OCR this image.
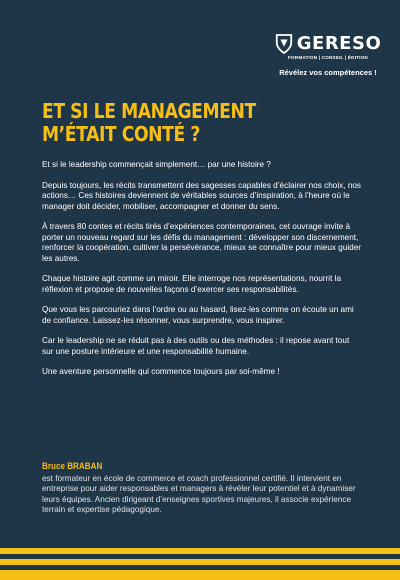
GERESO
FORMATION | CONSEIL | ÉDITION
Révélez vos compétences !
ET SI LE MANAGEMENT
M’ÉTAIT CONTÉ ?

Et si le leadership commençait simplement… par une histoire ?

Depuis toujours, les récits transmettent des sagesses capables d’éclairer nos choix, nos actions… Ces histoires deviennent de véritables sources d’inspiration, à l’heure où le manager doit décider, mobiliser, accompagner et donner du sens.

À travers 80 contes et récits tirés d’expériences contemporaines, cet ouvrage invite à porter un nouveau regard sur les défis du management : développer son discernement, renforcer la coopération, cultiver la persévérance, mieux se connaître pour mieux guider les autres.

Chaque histoire agit comme un miroir. Elle interroge nos représentations, nourrit la réflexion et propose de nouvelles façons d’exercer ses responsabilités.

Que vous les parcouriez dans l’ordre ou au hasard, lisez-les comme on écoute un ami de confiance. Laissez-les résonner, vous surprendre, vous inspirer.

Car le leadership ne se réduit pas à des outils ou des méthodes : il repose avant tout sur une posture intérieure et une responsabilité humaine.

Une aventure personnelle qui commence toujours par soi-même !

Bruce BRABAN

est formateur en école de commerce et coach professionnel certifié. Il intervient en entreprise pour aider responsables et managers à révéler leur potentiel et à dynamiser leurs équipes. Ancien dirigeant d’enseignes sportives majeures, il associe expérience terrain et expertise pédagogique.
